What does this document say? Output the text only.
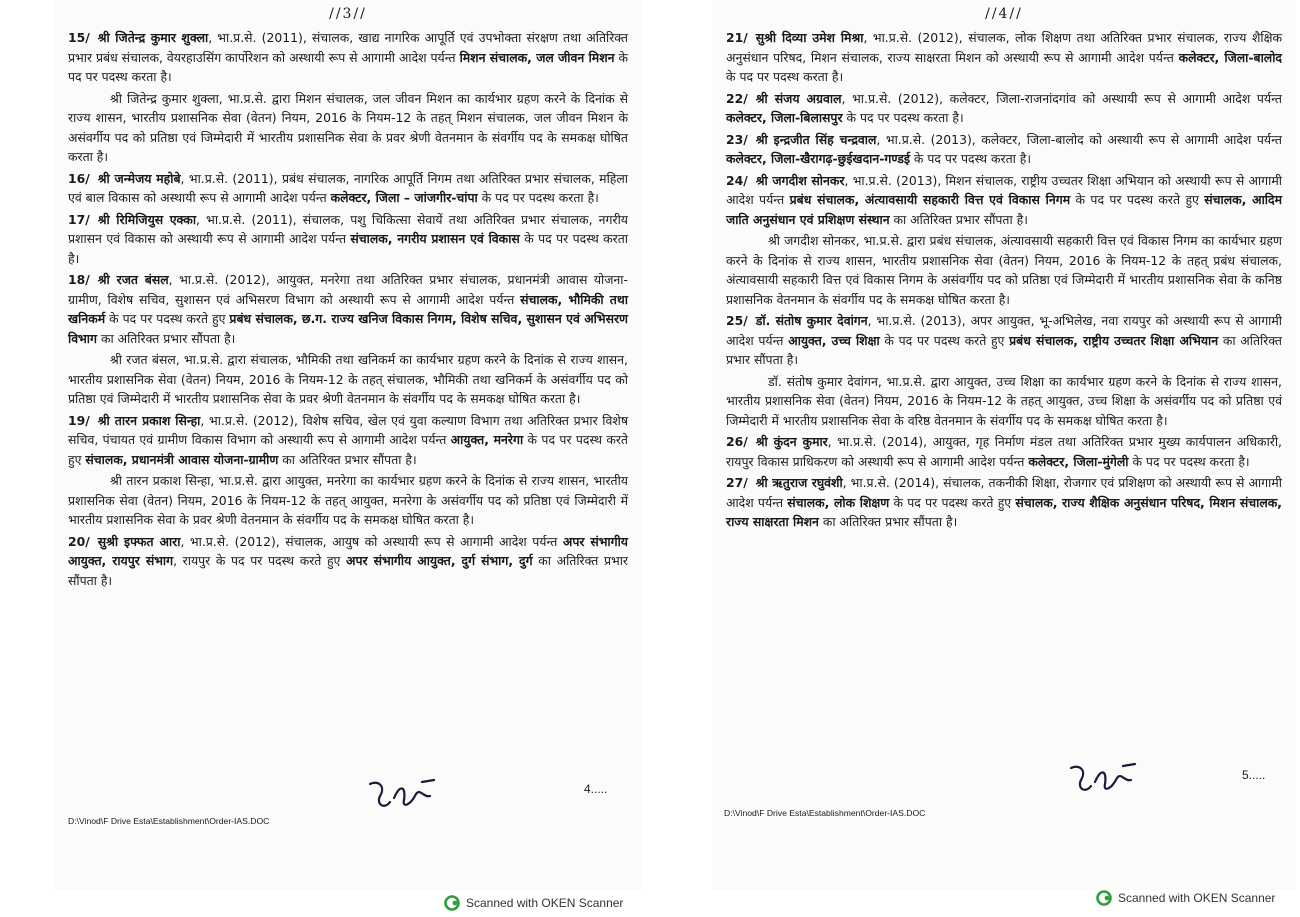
//3//

15/ श्री जितेन्द्र कुमार शुक्ला, भा.प्र.से. (2011), संचालक, खाद्य नागरिक आपूर्ति एवं उपभोक्ता संरक्षण तथा अतिरिक्त प्रभार प्रबंध संचालक, वेयरहाउसिंग कार्पोरेशन को अस्थायी रूप से आगामी आदेश पर्यन्त मिशन संचालक, जल जीवन मिशन के पद पर पदस्थ करता है।

श्री जितेन्द्र कुमार शुक्ला, भा.प्र.से. द्वारा मिशन संचालक, जल जीवन मिशन का कार्यभार ग्रहण करने के दिनांक से राज्य शासन, भारतीय प्रशासनिक सेवा (वेतन) नियम, 2016 के नियम-12 के तहत् मिशन संचालक, जल जीवन मिशन के असंवर्गीय पद को प्रतिष्ठा एवं जिम्मेदारी में भारतीय प्रशासनिक सेवा के प्रवर श्रेणी वेतनमान के संवर्गीय पद के समकक्ष घोषित करता है।

16/ श्री जन्मेजय महोबे, भा.प्र.से. (2011), प्रबंध संचालक, नागरिक आपूर्ति निगम तथा अतिरिक्त प्रभार संचालक, महिला एवं बाल विकास को अस्थायी रूप से आगामी आदेश पर्यन्त कलेक्टर, जिला – जांजगीर-चांपा के पद पर पदस्थ करता है।

17/ श्री रिमिजियुस एक्का, भा.प्र.से. (2011), संचालक, पशु चिकित्सा सेवायें तथा अतिरिक्त प्रभार संचालक, नगरीय प्रशासन एवं विकास को अस्थायी रूप से आगामी आदेश पर्यन्त संचालक, नगरीय प्रशासन एवं विकास के पद पर पदस्थ करता है।

18/ श्री रजत बंसल, भा.प्र.से. (2012), आयुक्त, मनरेगा तथा अतिरिक्त प्रभार संचालक, प्रधानमंत्री आवास योजना-ग्रामीण, विशेष सचिव, सुशासन एवं अभिसरण विभाग को अस्थायी रूप से आगामी आदेश पर्यन्त संचालक, भौमिकी तथा खनिकर्म के पद पर पदस्थ करते हुए प्रबंध संचालक, छ.ग. राज्य खनिज विकास निगम, विशेष सचिव, सुशासन एवं अभिसरण विभाग का अतिरिक्त प्रभार सौंपता है।

श्री रजत बंसल, भा.प्र.से. द्वारा संचालक, भौमिकी तथा खनिकर्म का कार्यभार ग्रहण करने के दिनांक से राज्य शासन, भारतीय प्रशासनिक सेवा (वेतन) नियम, 2016 के नियम-12 के तहत् संचालक, भौमिकी तथा खनिकर्म के असंवर्गीय पद को प्रतिष्ठा एवं जिम्मेदारी में भारतीय प्रशासनिक सेवा के प्रवर श्रेणी वेतनमान के संवर्गीय पद के समकक्ष घोषित करता है।

19/ श्री तारन प्रकाश सिन्हा, भा.प्र.से. (2012), विशेष सचिव, खेल एवं युवा कल्याण विभाग तथा अतिरिक्त प्रभार विशेष सचिव, पंचायत एवं ग्रामीण विकास विभाग को अस्थायी रूप से आगामी आदेश पर्यन्त आयुक्त, मनरेगा के पद पर पदस्थ करते हुए संचालक, प्रधानमंत्री आवास योजना-ग्रामीण का अतिरिक्त प्रभार सौंपता है।

श्री तारन प्रकाश सिन्हा, भा.प्र.से. द्वारा आयुक्त, मनरेगा का कार्यभार ग्रहण करने के दिनांक से राज्य शासन, भारतीय प्रशासनिक सेवा (वेतन) नियम, 2016 के नियम-12 के तहत् आयुक्त, मनरेगा के असंवर्गीय पद को प्रतिष्ठा एवं जिम्मेदारी में भारतीय प्रशासनिक सेवा के प्रवर श्रेणी वेतनमान के संवर्गीय पद के समकक्ष घोषित करता है।

20/ सुश्री इफ्फत आरा, भा.प्र.से. (2012), संचालक, आयुष को अस्थायी रूप से आगामी आदेश पर्यन्त अपर संभागीय आयुक्त, रायपुर संभाग, रायपुर के पद पर पदस्थ करते हुए अपर संभागीय आयुक्त, दुर्ग संभाग, दुर्ग का अतिरिक्त प्रभार सौंपता है।

4.....
D:\Vinod\F Drive Esta\Establishment\Order-IAS.DOC
//4//

21/ सुश्री दिव्या उमेश मिश्रा, भा.प्र.से. (2012), संचालक, लोक शिक्षण तथा अतिरिक्त प्रभार संचालक, राज्य शैक्षिक अनुसंधान परिषद, मिशन संचालक, राज्य साक्षरता मिशन को अस्थायी रूप से आगामी आदेश पर्यन्त कलेक्टर, जिला-बालोद के पद पर पदस्थ करता है।

22/ श्री संजय अग्रवाल, भा.प्र.से. (2012), कलेक्टर, जिला-राजनांदगांव को अस्थायी रूप से आगामी आदेश पर्यन्त कलेक्टर, जिला-बिलासपुर के पद पर पदस्थ करता है।

23/ श्री इन्द्रजीत सिंह चन्द्रवाल, भा.प्र.से. (2013), कलेक्टर, जिला-बालोद को अस्थायी रूप से आगामी आदेश पर्यन्त कलेक्टर, जिला-खैरागढ़-छुईखदान-गण्डई के पद पर पदस्थ करता है।

24/ श्री जगदीश सोनकर, भा.प्र.से. (2013), मिशन संचालक, राष्ट्रीय उच्चतर शिक्षा अभियान को अस्थायी रूप से आगामी आदेश पर्यन्त प्रबंध संचालक, अंत्यावसायी सहकारी वित्त एवं विकास निगम के पद पर पदस्थ करते हुए संचालक, आदिम जाति अनुसंधान एवं प्रशिक्षण संस्थान का अतिरिक्त प्रभार सौंपता है।

श्री जगदीश सोनकर, भा.प्र.से. द्वारा प्रबंध संचालक, अंत्यावसायी सहकारी वित्त एवं विकास निगम का कार्यभार ग्रहण करने के दिनांक से राज्य शासन, भारतीय प्रशासनिक सेवा (वेतन) नियम, 2016 के नियम-12 के तहत् प्रबंध संचालक, अंत्यावसायी सहकारी वित्त एवं विकास निगम के असंवर्गीय पद को प्रतिष्ठा एवं जिम्मेदारी में भारतीय प्रशासनिक सेवा के कनिष्ठ प्रशासनिक वेतनमान के संवर्गीय पद के समकक्ष घोषित करता है।

25/ डॉ. संतोष कुमार देवांगन, भा.प्र.से. (2013), अपर आयुक्त, भू-अभिलेख, नवा रायपुर को अस्थायी रूप से आगामी आदेश पर्यन्त आयुक्त, उच्च शिक्षा के पद पर पदस्थ करते हुए प्रबंध संचालक, राष्ट्रीय उच्चतर शिक्षा अभियान का अतिरिक्त प्रभार सौंपता है।

डॉ. संतोष कुमार देवांगन, भा.प्र.से. द्वारा आयुक्त, उच्च शिक्षा का कार्यभार ग्रहण करने के दिनांक से राज्य शासन, भारतीय प्रशासनिक सेवा (वेतन) नियम, 2016 के नियम-12 के तहत् आयुक्त, उच्च शिक्षा के असंवर्गीय पद को प्रतिष्ठा एवं जिम्मेदारी में भारतीय प्रशासनिक सेवा के वरिष्ठ वेतनमान के संवर्गीय पद के समकक्ष घोषित करता है।

26/ श्री कुंदन कुमार, भा.प्र.से. (2014), आयुक्त, गृह निर्माण मंडल तथा अतिरिक्त प्रभार मुख्य कार्यपालन अधिकारी, रायपुर विकास प्राधिकरण को अस्थायी रूप से आगामी आदेश पर्यन्त कलेक्टर, जिला-मुंगेली के पद पर पदस्थ करता है।

27/ श्री ऋतुराज रघुवंशी, भा.प्र.से. (2014), संचालक, तकनीकी शिक्षा, रोजगार एवं प्रशिक्षण को अस्थायी रूप से आगामी आदेश पर्यन्त संचालक, लोक शिक्षण के पद पर पदस्थ करते हुए संचालक, राज्य शैक्षिक अनुसंधान परिषद, मिशन संचालक, राज्य साक्षरता मिशन का अतिरिक्त प्रभार सौंपता है।

5.....
D:\Vinod\F Drive Esta\Establishment\Order-IAS.DOC
Scanned with OKEN Scanner	Scanned with OKEN Scanner
